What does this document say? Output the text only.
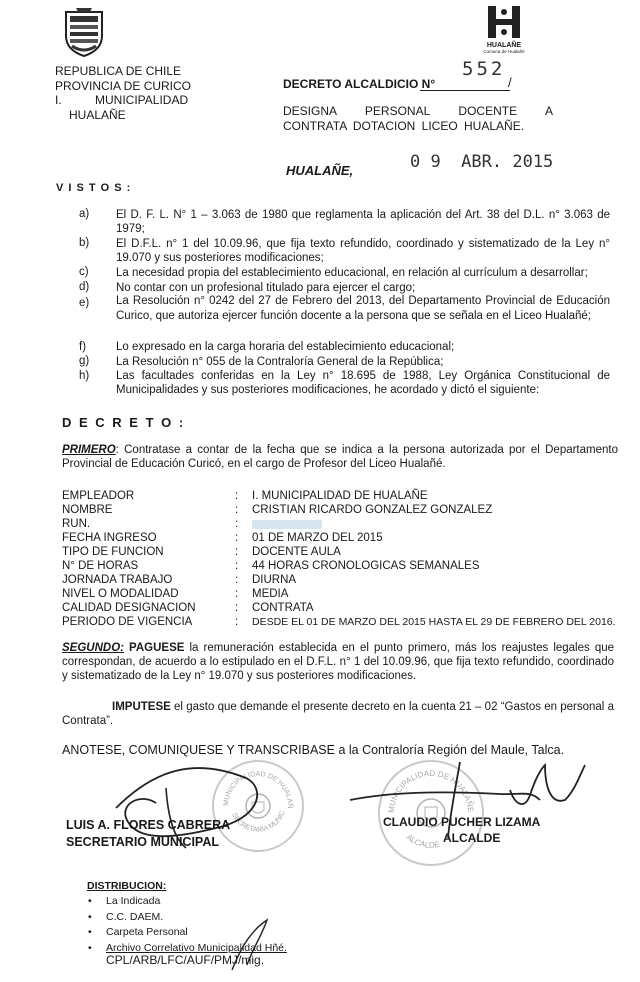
REPUBLICA DE CHILE
PROVINCIA DE CURICO
I.          MUNICIPALIDAD
HUALAÑE
HUALAÑE
Comuna de Hualañé
DECRETO ALCALDICIO N°
552
/
DESIGNA PERSONAL DOCENTE A CONTRATA DOTACION LICEO HUALAÑE.
HUALAÑE,	0 9  ABR. 2015
V I S T O S :
a) El D. F. L. N° 1 – 3.063 de 1980 que reglamenta la aplicación del Art. 38 del D.L. n° 3.063 de 1979;
b) El D.F.L. n° 1 del 10.09.96, que fija texto refundido, coordinado y sistematizado de la Ley n° 19.070 y sus posteriores modificaciones;
c) La necesidad propia del establecimiento educacional, en relación al currículum a desarrollar;
d) No contar con un profesional titulado para ejercer el cargo;
e) La Resolución n° 0242 del 27 de Febrero del 2013, del Departamento Provincial de Educación Curico, que autoriza ejercer función docente a la persona que se señala en el Liceo Hualañé;
f)	Lo expresado en la carga horaria del establecimiento educacional;
g) La Resolución n° 055 de la Contraloría General de la República;
h) Las facultades conferidas en la Ley n° 18.695 de 1988, Ley Orgánica Constitucional de Municipalidades y sus posteriores modificaciones, he acordado y dictó el siguiente:
D E C R E T O :
PRIMERO: Contratase a contar de la fecha que se indica a la persona autorizada por el Departamento Provincial de Educación Curicó, en el cargo de Profesor del Liceo Hualañé.
EMPLEADOR	: I. MUNICIPALIDAD DE HUALAÑE
NOMBRE	: CRISTIAN RICARDO GONZALEZ GONZALEZ
RUN.	:
FECHA INGRESO	: 01 DE MARZO DEL 2015
TIPO DE FUNCION	: DOCENTE AULA
N° DE HORAS	: 44 HORAS CRONOLOGICAS SEMANALES
JORNADA TRABAJO	: DIURNA
NIVEL O MODALIDAD	: MEDIA
CALIDAD DESIGNACION	: CONTRATA
PERIODO DE VIGENCIA	: DESDE EL 01 DE MARZO DEL 2015 HASTA EL 29 DE FEBRERO DEL 2016.
SEGUNDO: PAGUESE la remuneración establecida en el punto primero, más los reajustes legales que correspondan, de acuerdo a lo estipulado en el D.F.L. n° 1 del 10.09.96, que fija texto refundido, coordinado y sistematizado de la Ley n° 19.070 y sus posteriores modificaciones.
IMPUTESE el gasto que demande el presente decreto en la cuenta 21 – 02 “Gastos en personal a Contrata”.
ANOTESE, COMUNIQUESE Y TRANSCRIBASE a la Contraloría Región del Maule, Talca.
MUNICIPALIDAD DE HUALAÑ
SECRETARIA MUNIC
MUNICIPALIDAD DE HUALAÑE
ALCALDE
LUIS A. FLORES CABRERA
SECRETARIO MUNICIPAL
CLAUDIO PUCHER LIZAMA
ALCALDE
DISTRIBUCION:
• La Indicada
• C.C. DAEM.
• Carpeta Personal
• Archivo Correlativo Municipalidad Hñé.
CPL/ARB/LFC/AUF/PMJ/mig.
